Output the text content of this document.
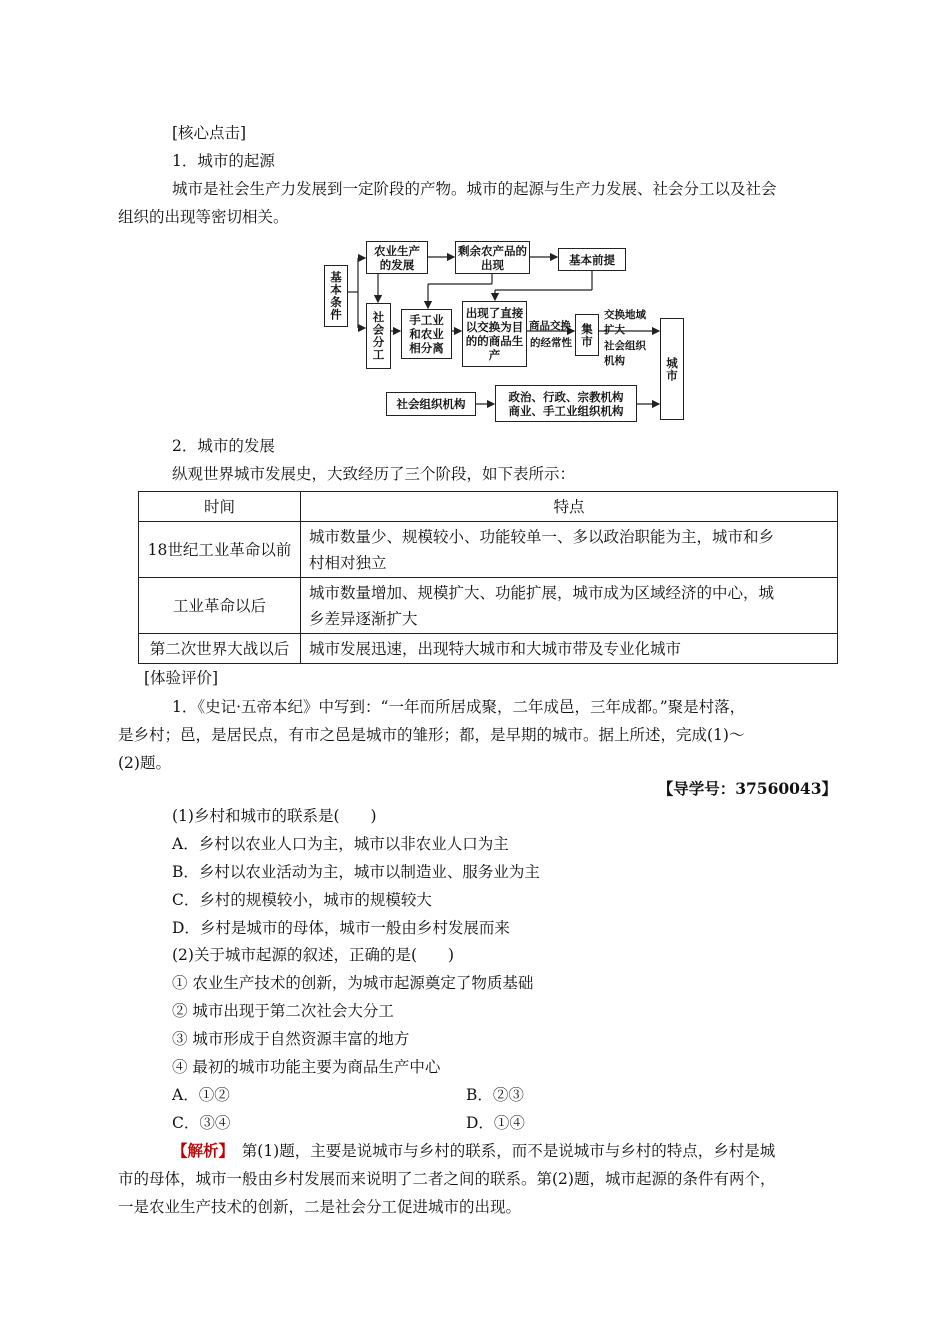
[核心点击]
1．城市的起源
城市是社会生产力发展到一定阶段的产物。城市的起源与生产力发展、社会分工以及社会
组织的出现等密切相关。
基本条件
农业生产的发展
剩余农产品的出现	基本前提
社会分工	手工业和农业相分离
出现了直接以交换为目的的商品生产
商品交换
的经常性 集市
交换地域
扩大
社会组织
机构	城市
社会组织机构
政治、行政、宗教机构
商业、手工业组织机构
2．城市的发展
纵观世界城市发展史，大致经历了三个阶段，如下表所示：
时间	特点
18世纪工业革命以前	城市数量少、规模较小、功能较单一、多以政治职能为主，城市和乡
村相对独立

工业革命以后	城市数量增加、规模扩大、功能扩展，城市成为区域经济的中心，城
乡差异逐渐扩大

第二次世界大战以后	城市发展迅速，出现特大城市和大城市带及专业化城市
[体验评价]
1．《史记·五帝本纪》中写到：“一年而所居成聚，二年成邑，三年成都。”聚是村落，
是乡村；邑，是居民点，有市之邑是城市的雏形；都，是早期的城市。据上所述，完成(1)～
(2)题。
【导学号：37560043】
(1)乡村和城市的联系是(　　)
A．乡村以农业人口为主，城市以非农业人口为主
B．乡村以农业活动为主，城市以制造业、服务业为主
C．乡村的规模较小，城市的规模较大
D．乡村是城市的母体，城市一般由乡村发展而来
(2)关于城市起源的叙述，正确的是(　　)
① 农业生产技术的创新，为城市起源奠定了物质基础
② 城市出现于第二次社会大分工
③ 城市形成于自然资源丰富的地方
④ 最初的城市功能主要为商品生产中心
A．①②	B．②③
C．③④	D．①④
【解析】　第(1)题，主要是说城市与乡村的联系，而不是说城市与乡村的特点，乡村是城
市的母体，城市一般由乡村发展而来说明了二者之间的联系。第(2)题，城市起源的条件有两个，
一是农业生产技术的创新，二是社会分工促进城市的出现。
